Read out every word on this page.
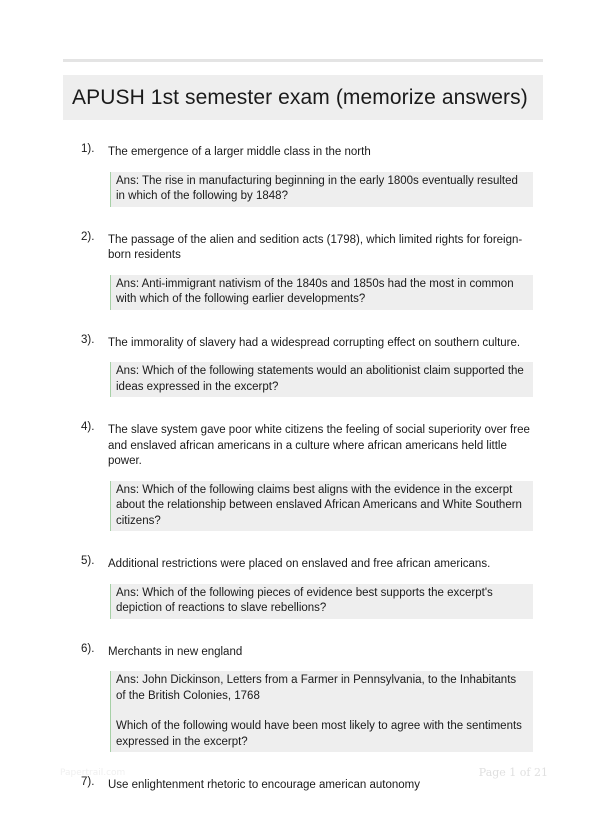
APUSH 1st semester exam (memorize answers)
1). The emergence of a larger middle class in the north

Ans: The rise in manufacturing beginning in the early 1800s eventually resulted in which of the following by 1848?

2). The passage of the alien and sedition acts (1798), which limited rights for foreign-born residents

Ans: Anti-immigrant nativism of the 1840s and 1850s had the most in common with which of the following earlier developments?

3). The immorality of slavery had a widespread corrupting effect on southern culture.

Ans: Which of the following statements would an abolitionist claim supported the ideas expressed in the excerpt?

4). The slave system gave poor white citizens the feeling of social superiority over free and enslaved african americans in a culture where african americans held little power.

Ans: Which of the following claims best aligns with the evidence in the excerpt about the relationship between enslaved African Americans and White Southern citizens?

5). Additional restrictions were placed on enslaved and free african americans.

Ans: Which of the following pieces of evidence best supports the excerpt's depiction of reactions to slave rebellions?

6). Merchants in new england

Ans: John Dickinson, Letters from a Farmer in Pennsylvania, to the Inhabitants of the British Colonies, 1768

Which of the following would have been most likely to agree with the sentiments expressed in the excerpt?

7). Use enlightenment rhetoric to encourage american autonomy
Papertrail.com	Page 1 of 21
